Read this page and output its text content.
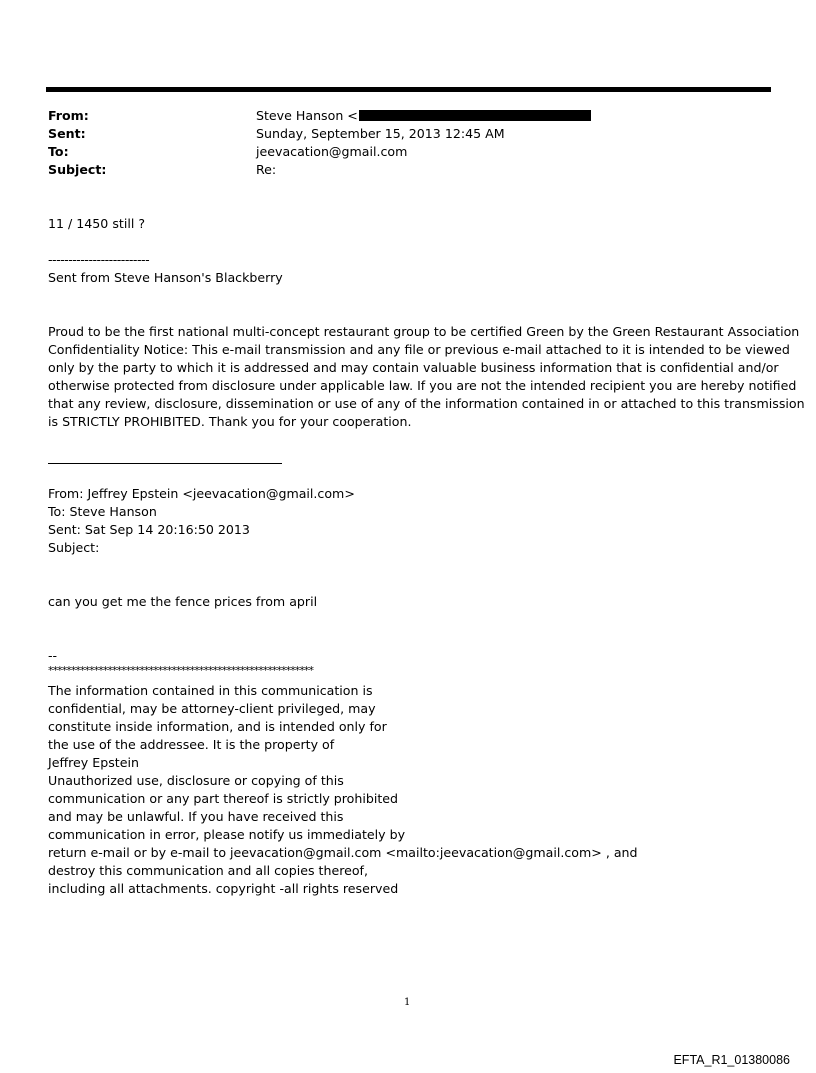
From:
Sent:
To:
Subject:
Steve Hanson <
Sunday, September 15, 2013 12:45 AM
jeevacation@gmail.com
Re:
11 / 1450 still ?
-------------------------
Sent from Steve Hanson's Blackberry
Proud to be the first national multi-concept restaurant group to be certified Green by the Green Restaurant Association
Confidentiality Notice: This e-mail transmission and any file or previous e-mail attached to it is intended to be viewed
only by the party to which it is addressed and may contain valuable business information that is confidential and/or
otherwise protected from disclosure under applicable law. If you are not the intended recipient you are hereby notified
that any review, disclosure, dissemination or use of any of the information contained in or attached to this transmission
is STRICTLY PROHIBITED. Thank you for your cooperation.
From: Jeffrey Epstein <jeevacation@gmail.com>
To: Steve Hanson
Sent: Sat Sep 14 20:16:50 2013
Subject:
can you get me the fence prices from april
--
**********************************************************
The information contained in this communication is
confidential, may be attorney-client privileged, may
constitute inside information, and is intended only for
the use of the addressee. It is the property of
Jeffrey Epstein
Unauthorized use, disclosure or copying of this
communication or any part thereof is strictly prohibited
and may be unlawful. If you have received this
communication in error, please notify us immediately by
return e-mail or by e-mail to jeevacation@gmail.com <mailto:jeevacation@gmail.com> , and
destroy this communication and all copies thereof,
including all attachments. copyright -all rights reserved
1
EFTA_R1_01380086
